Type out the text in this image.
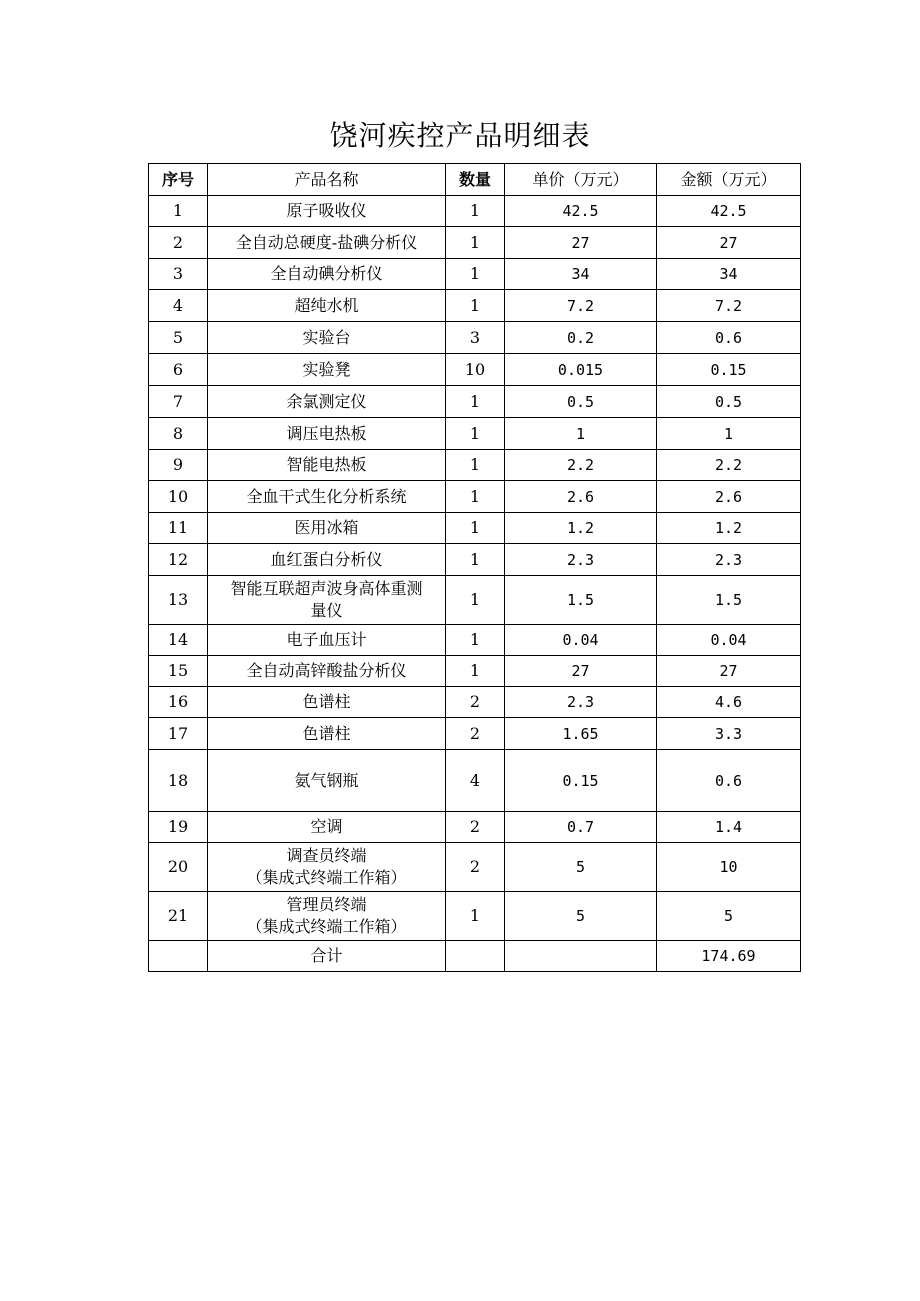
饶河疾控产品明细表
序号	产品名称	数量	单价（万元）	金额（万元）
1	原子吸收仪	1	42.5	42.5
2	全自动总硬度-盐碘分析仪	1	27	27
3	全自动碘分析仪	1	34	34
4	超纯水机	1	7.2	7.2
5	实验台	3	0.2	0.6
6	实验凳	10	0.015	0.15
7	余氯测定仪	1	0.5	0.5
8	调压电热板	1	1	1
9	智能电热板	1	2.2	2.2
10	全血干式生化分析系统	1	2.6	2.6
11	医用冰箱	1	1.2	1.2
12	血红蛋白分析仪	1	2.3	2.3
13	智能互联超声波身高体重测
量仪	1	1.5	1.5
14	电子血压计	1	0.04	0.04
15	全自动高锌酸盐分析仪	1	27	27
16	色谱柱	2	2.3	4.6
17	色谱柱	2	1.65	3.3
18	氨气钢瓶	4	0.15	0.6
19	空调	2	0.7	1.4
20	调查员终端
（集成式终端工作箱）	2	5	10
21	管理员终端
（集成式终端工作箱）	1	5	5
	合计			174.69
